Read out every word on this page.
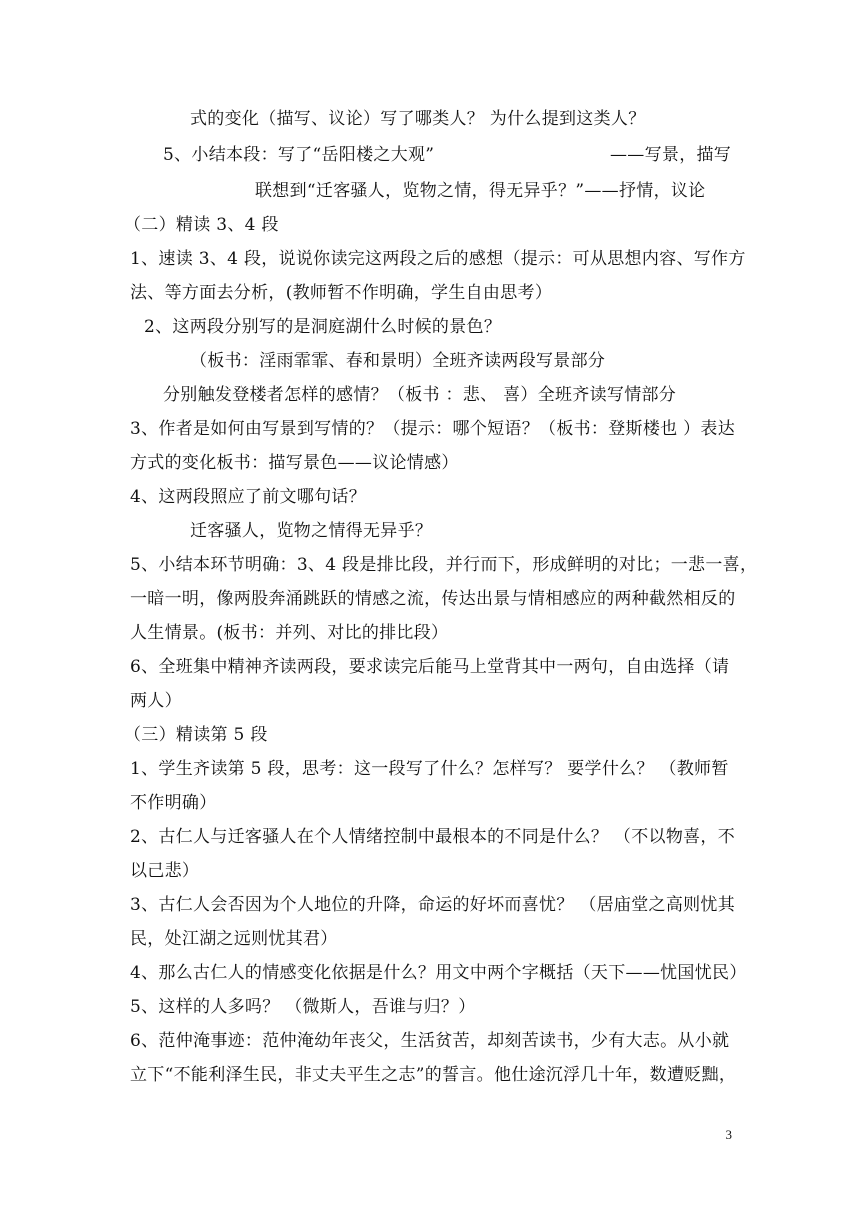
式的变化（描写、议论）写了哪类人？ 为什么提到这类人？
5、小结本段：写了“岳阳楼之大观”	——写景，描写
联想到“迁客骚人，览物之情，得无异乎？”——抒情，议论
（二）精读 3、4 段
1、速读 3、4 段，说说你读完这两段之后的感想（提示：可从思想内容、写作方
法、等方面去分析，(教师暂不作明确，学生自由思考）
2、这两段分别写的是洞庭湖什么时候的景色？
（板书：淫雨霏霏、春和景明）全班齐读两段写景部分
分别触发登楼者怎样的感情？（板书 ：悲、 喜）全班齐读写情部分
3、作者是如何由写景到写情的？（提示：哪个短语？（板书：登斯楼也 ）表达
方式的变化板书：描写景色——议论情感）
4、这两段照应了前文哪句话？
迁客骚人，览物之情得无异乎？
5、小结本环节明确：3、4 段是排比段，并行而下，形成鲜明的对比；一悲一喜，
一暗一明，像两股奔涌跳跃的情感之流，传达出景与情相感应的两种截然相反的
人生情景。(板书：并列、对比的排比段）
6、全班集中精神齐读两段，要求读完后能马上堂背其中一两句，自由选择（请
两人）
（三）精读第 5 段
1、学生齐读第 5 段，思考：这一段写了什么？怎样写？ 要学什么？ （教师暂
不作明确）
2、古仁人与迁客骚人在个人情绪控制中最根本的不同是什么？ （不以物喜，不
以己悲）
3、古仁人会否因为个人地位的升降，命运的好坏而喜忧？ （居庙堂之高则忧其
民，处江湖之远则忧其君）
4、那么古仁人的情感变化依据是什么？用文中两个字概括（天下——忧国忧民）
5、这样的人多吗？ （微斯人，吾谁与归？）
6、范仲淹事迹：范仲淹幼年丧父，生活贫苦，却刻苦读书，少有大志。从小就
立下“不能利泽生民，非丈夫平生之志”的誓言。他仕途沉浮几十年，数遭贬黜，
3
